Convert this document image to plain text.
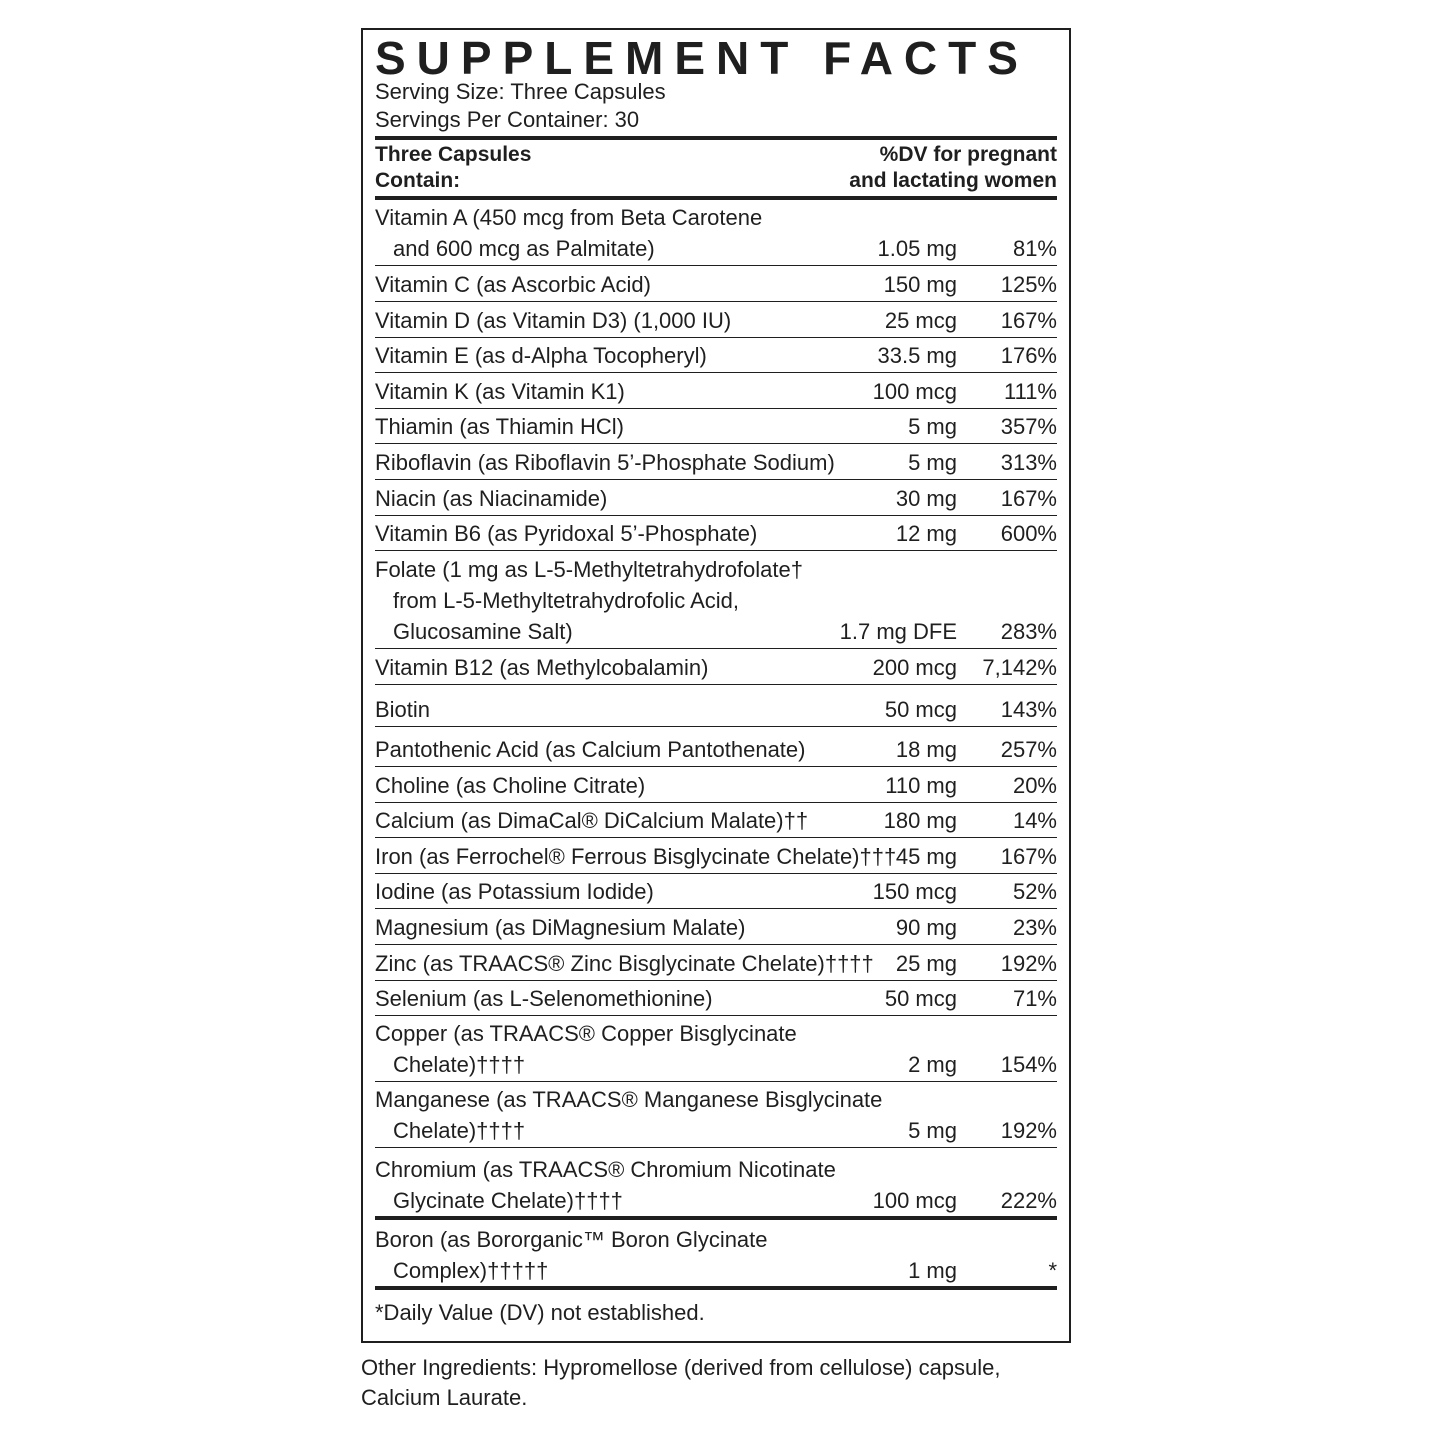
SUPPLEMENT FACTS
Serving Size: Three Capsules
Servings Per Container: 30
Three Capsules
Contain:
%DV for pregnant
and lactating women
Vitamin A (450 mcg from Beta Carotene
and 600 mcg as Palmitate)	1.05 mg	81%
Vitamin C (as Ascorbic Acid)	150 mg 125%
Vitamin D (as Vitamin D3) (1,000 IU)	25 mcg 167%
Vitamin E (as d-Alpha Tocopheryl)	33.5 mg 176%
Vitamin K (as Vitamin K1)	100 mcg 111%
Thiamin (as Thiamin HCl)	5 mg 357%
Riboflavin (as Riboflavin 5’-Phosphate Sodium)	5 mg 313%
Niacin (as Niacinamide)	30 mg 167%
Vitamin B6 (as Pyridoxal 5’-Phosphate)	12 mg 600%
Folate (1 mg as L-5-Methyltetrahydrofolate†
from L-5-Methyltetrahydrofolic Acid,
Glucosamine Salt)	1.7 mg DFE 283%
Vitamin B12 (as Methylcobalamin)	200 mcg 7,142%
Biotin	50 mcg 143%
Pantothenic Acid (as Calcium Pantothenate)	18 mg 257%
Choline (as Choline Citrate)	110 mg	20%
Calcium (as DimaCal® DiCalcium Malate)††	180 mg	14%
Iron (as Ferrochel® Ferrous Bisglycinate Chelate)††† 45 mg 167%
Iodine (as Potassium Iodide)	150 mcg	52%
Magnesium (as DiMagnesium Malate)	90 mg	23%
Zinc (as TRAACS® Zinc Bisglycinate Chelate)†††† 25 mg 192%
Selenium (as L-Selenomethionine)	50 mcg	71%
Copper (as TRAACS® Copper Bisglycinate
Chelate)††††	2 mg 154%
Manganese (as TRAACS® Manganese Bisglycinate
Chelate)††††	5 mg 192%
Chromium (as TRAACS® Chromium Nicotinate
Glycinate Chelate)††††	100 mcg 222%
Boron (as Bororganic™ Boron Glycinate
Complex)†††††	1 mg	*
*Daily Value (DV) not established.
Other Ingredients: Hypromellose (derived from cellulose) capsule, Calcium Laurate.
